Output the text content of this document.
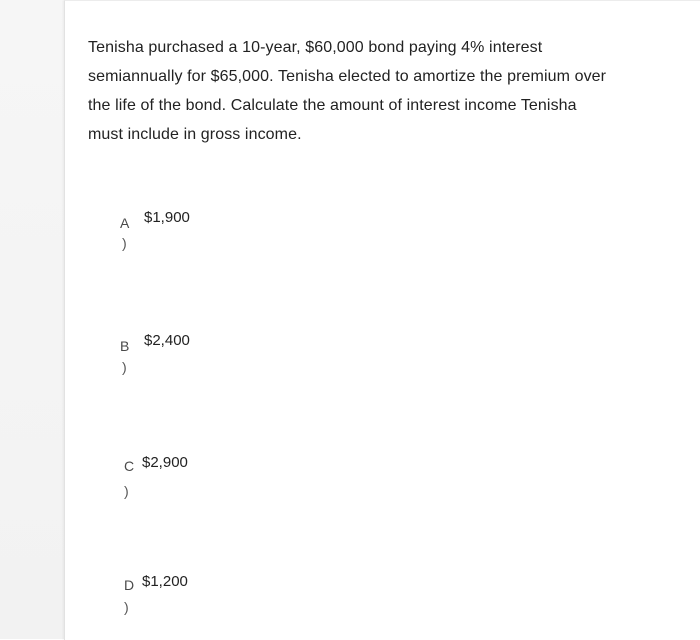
Tenisha purchased a 10-year, $60,000 bond paying 4% interest
semiannually for $65,000. Tenisha elected to amortize the premium over
the life of the bond. Calculate the amount of interest income Tenisha
must include in gross income.
A $1,900
)
B $2,400
)
C $2,900
)
D $1,200
)
